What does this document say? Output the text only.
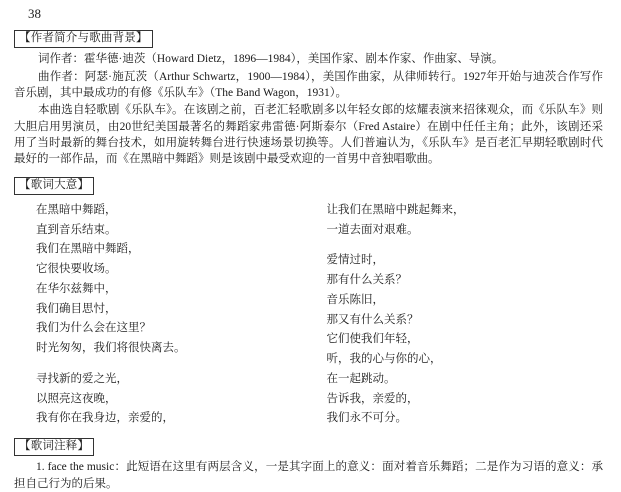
38
【作者简介与歌曲背景】
词作者：霍华德·迪茨（Howard Dietz，1896—1984），美国作家、剧本作家、作曲家、导演。
曲作者：阿瑟·施瓦茨（Arthur Schwartz，1900—1984），美国作曲家，从律师转行。1927年开始与迪茨合作写作音乐剧，其中最成功的有修《乐队车》（The Band Wagon，1931）。
本曲选自轻歌剧《乐队车》。在该剧之前，百老汇轻歌剧多以年轻女郎的炫耀表演来招徕观众，而《乐队车》则大胆启用男演员，由20世纪美国最著名的舞蹈家弗雷德·阿斯泰尔（Fred Astaire）在剧中任任主角；此外，该剧还采用了当时最新的舞台技术，如用旋转舞台进行快速场景切换等。人们普遍认为，《乐队车》是百老汇早期轻歌剧时代最好的一部作品，而《在黑暗中舞蹈》则是该剧中最受欢迎的一首男中音独唱歌曲。
【歌词大意】
在黑暗中舞蹈，
直到音乐结束。
我们在黑暗中舞蹈，
它很快要收场。
在华尔兹舞中，
我们确目思忖，
我们为什么会在这里？
时光匆匆，我们将很快离去。
寻找新的爱之光，
以照亮这夜晚，
我有你在我身边，亲爱的，
让我们在黑暗中跳起舞来，
一道去面对艰难。
爱情过时，
那有什么关系？
音乐陈旧，
那又有什么关系？
它们使我们年轻，
听，我的心与你的心，
在一起跳动。
告诉我，亲爱的，
我们永不可分。
【歌词注释】
1. face the music：此短语在这里有两层含义，一是其字面上的意义：面对着音乐舞蹈；二是作为习语的意义：承担自己行为的后果。
